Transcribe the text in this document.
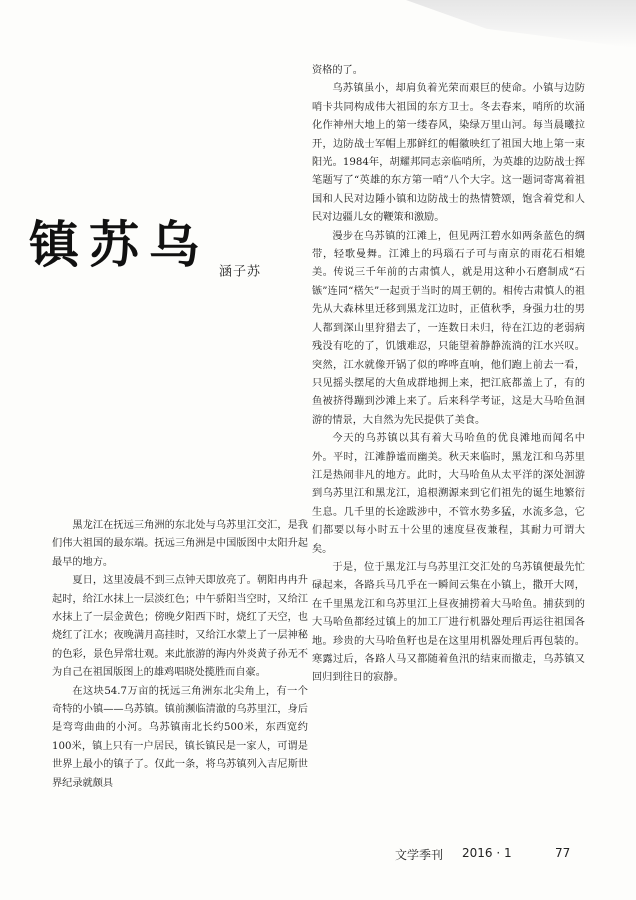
乌苏镇
苏子涵

黑龙江在抚远三角洲的东北处与乌苏里江交汇，是我们伟大祖国的最东端。抚远三角洲是中国版图中太阳升起最早的地方。

夏日，这里凌晨不到三点钟天即放亮了。朝阳冉冉升起时，给江水抹上一层淡红色；中午骄阳当空时，又给江水抹上了一层金黄色；傍晚夕阳西下时，烧红了天空，也烧红了江水；夜晚满月高挂时，又给江水蒙上了一层神秘的色彩，景色异常壮观。来此旅游的海内外炎黄子孙无不为自己在祖国版图上的雄鸡唱晓处揽胜而自豪。

在这块54.7万亩的抚远三角洲东北尖角上，有一个奇特的小镇——乌苏镇。镇前濒临清澈的乌苏里江，身后是弯弯曲曲的小河。乌苏镇南北长约500米，东西宽约100米，镇上只有一户居民，镇长镇民是一家人，可谓是世界上最小的镇子了。仅此一条，将乌苏镇列入吉尼斯世界纪录就颇具

资格的了。

乌苏镇虽小，却肩负着光荣而艰巨的使命。小镇与边防哨卡共同构成伟大祖国的东方卫士。冬去春来，哨所的坎涌化作神州大地上的第一缕春风，染绿万里山河。每当晨曦拉开，边防战士军帽上那鲜红的帽徽映红了祖国大地上第一束阳光。1984年，胡耀邦同志亲临哨所，为英雄的边防战士挥笔题写了“英雄的东方第一哨”八个大字。这一题词寄寓着祖国和人民对边陲小镇和边防战士的热情赞颂，饱含着党和人民对边疆儿女的鞭策和激励。

漫步在乌苏镇的江滩上，但见两江碧水如两条蓝色的绸带，轻歌曼舞。江滩上的玛瑙石子可与南京的雨花石相媲美。传说三千年前的古肃慎人，就是用这种小石磨制成“石镞”连同“楛矢”一起贡于当时的周王朝的。相传古肃慎人的祖先从大森林里迁移到黑龙江边时，正值秋季，身强力壮的男人都到深山里狩猎去了，一连数日未归，待在江边的老弱病残没有吃的了，饥饿难忍，只能望着静静流淌的江水兴叹。突然，江水就像开锅了似的哗哗直响，他们跑上前去一看，只见摇头摆尾的大鱼成群地拥上来，把江底都盖上了，有的鱼被挤得蹦到沙滩上来了。后来科学考证，这是大马哈鱼洄游的情景，大自然为先民提供了美食。

今天的乌苏镇以其有着大马哈鱼的优良滩地而闻名中外。平时，江滩静谧而幽美。秋天来临时，黑龙江和乌苏里江是热闹非凡的地方。此时，大马哈鱼从太平洋的深处洄游到乌苏里江和黑龙江，追根溯源来到它们祖先的诞生地繁衍生息。几千里的长途跋涉中，不管水势多猛，水流多急，它们都要以每小时五十公里的速度昼夜兼程，其耐力可谓大矣。

于是，位于黑龙江与乌苏里江交汇处的乌苏镇便最先忙碌起来，各路兵马几乎在一瞬间云集在小镇上，撒开大网，在千里黑龙江和乌苏里江上昼夜捕捞着大马哈鱼。捕获到的大马哈鱼都经过镇上的加工厂进行机器处理后再运往祖国各地。珍贵的大马哈鱼籽也是在这里用机器处理后再包装的。寒露过后，各路人马又都随着鱼汛的结束而撤走，乌苏镇又回归到往日的寂静。

文学季刊 2016 · 1	77
